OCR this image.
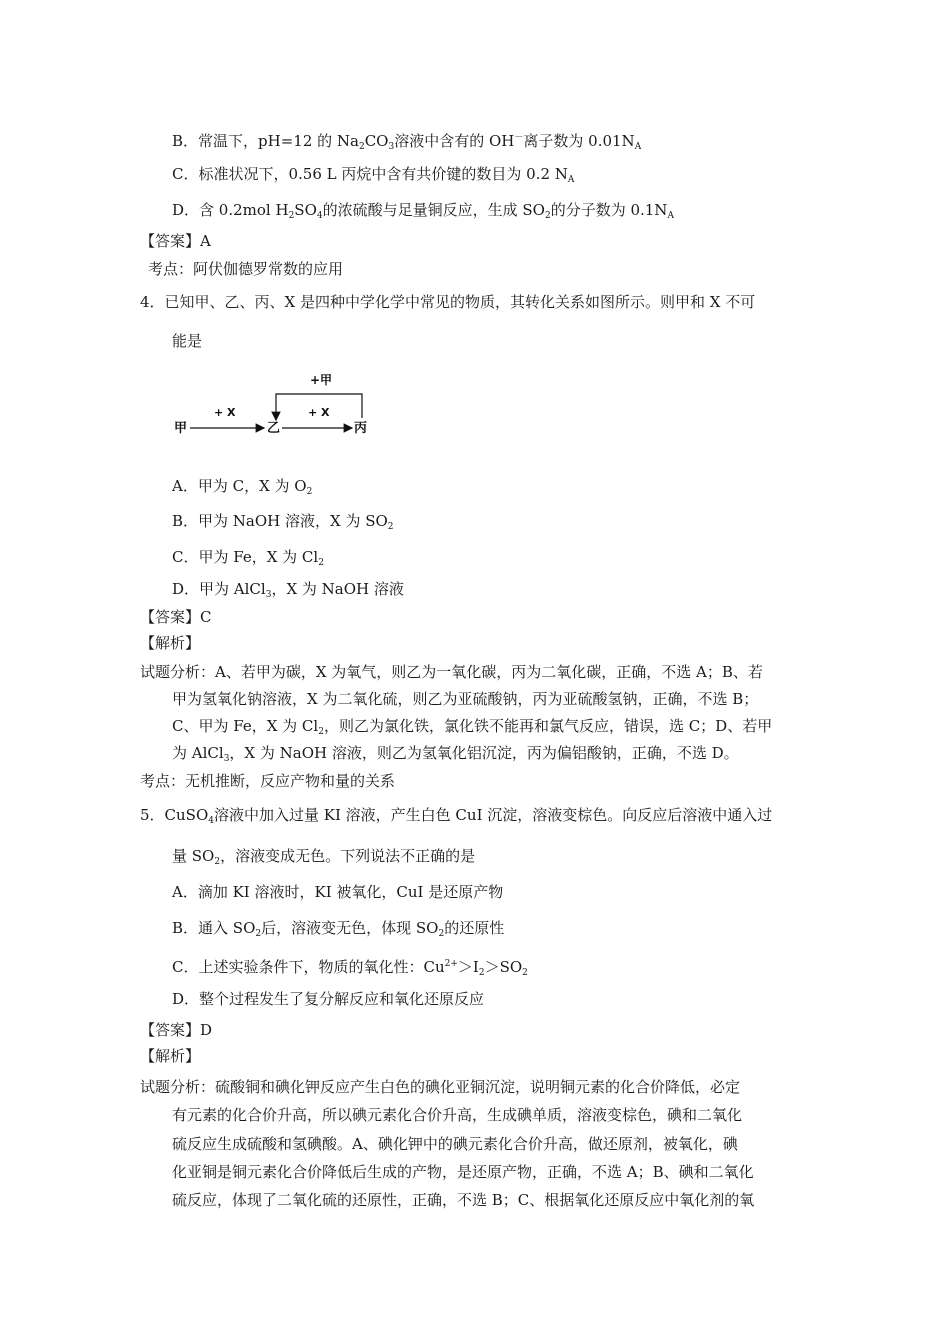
B．常温下，pH=12 的 $Na_2CO_3$溶液中含有的 OH－离子数为 $0.01N_A$
C．标准状况下，0.56 L 丙烷中含有共价键的数目为 0.2 $N_A$
D．含 0.2mol $H_2SO_4$的浓硫酸与足量铜反应，生成 $SO_2$的分子数为 $0.1N_A$
【答案】A
考点：阿伏伽德罗常数的应用
4．已知甲、乙、丙、X 是四种中学化学中常见的物质，其转化关系如图所示。则甲和 X 不可
能是
甲
+ X
乙
+ X
丙
+甲
A．甲为 C，X 为 $O_2$
B．甲为 NaOH 溶液，X 为 $SO_2$
C．甲为 Fe，X 为 $Cl_2$
D．甲为 AlCl$_3$，X 为 NaOH 溶液
【答案】C
【解析】
试题分析：A、若甲为碳，X 为氧气，则乙为一氧化碳，丙为二氧化碳，正确，不选 A；B、若
甲为氢氧化钠溶液，X 为二氧化硫，则乙为亚硫酸钠，丙为亚硫酸氢钠，正确，不选 B；
C、甲为 Fe，X 为 $Cl_2$，则乙为氯化铁，氯化铁不能再和氯气反应，错误，选 C；D、若甲
为 AlCl$_3$，X 为 NaOH 溶液，则乙为氢氧化铝沉淀，丙为偏铝酸钠，正确，不选 D。
考点：无机推断，反应产物和量的关系
5．CuSO$_4$溶液中加入过量 KI 溶液，产生白色 CuI 沉淀，溶液变棕色。向反应后溶液中通入过
量 $SO_2$，溶液变成无色。下列说法不正确的是
A．滴加 KI 溶液时，KI 被氧化，CuI 是还原产物
B．通入 $SO_2$后，溶液变无色，体现 $SO_2$的还原性
C．上述实验条件下，物质的氧化性：$Cu^{2+}>I_2>SO_2$
D．整个过程发生了复分解反应和氧化还原反应
【答案】D
【解析】
试题分析：硫酸铜和碘化钾反应产生白色的碘化亚铜沉淀，说明铜元素的化合价降低，必定
有元素的化合价升高，所以碘元素化合价升高，生成碘单质，溶液变棕色，碘和二氧化
硫反应生成硫酸和氢碘酸。A、碘化钾中的碘元素化合价升高，做还原剂，被氧化，碘
化亚铜是铜元素化合价降低后生成的产物，是还原产物，正确，不选 A；B、碘和二氧化
硫反应，体现了二氧化硫的还原性，正确，不选 B；C、根据氧化还原反应中氧化剂的氧
